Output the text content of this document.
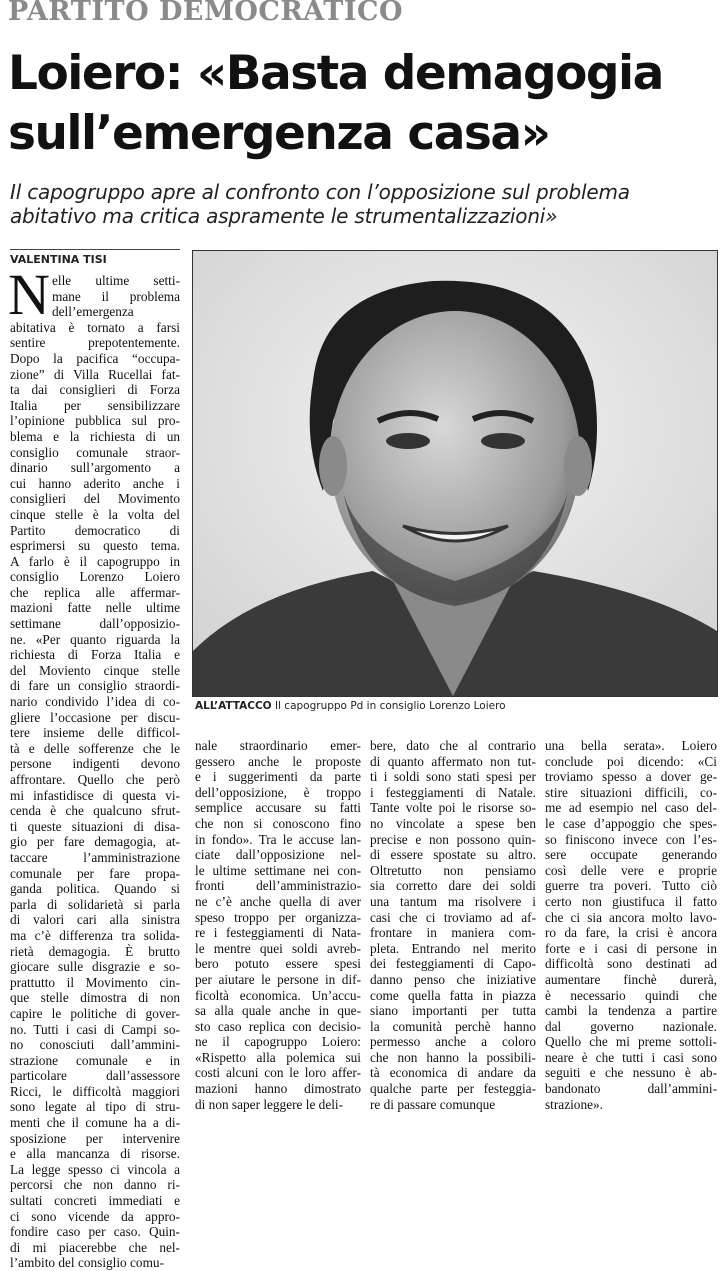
PARTITO DEMOCRATICO
Loiero: «Basta demagogia
sull’emergenza casa»
Il capogruppo apre al confronto con l’opposizione sul problema
abitativo ma critica aspramente le strumentalizzazioni»
VALENTINA TISI
N elle ultime setti-
mane il problema
dell’emergenza
abitativa è tornato a farsi
sentire prepotentemente.
Dopo la pacifica “occupa-
zione” di Villa Rucellai fat-
ta dai consiglieri di Forza
Italia per sensibilizzare
l’opinione pubblica sul pro-
blema e la richiesta di un
consiglio comunale straor-
dinario sull’argomento a
cui hanno aderito anche i
consiglieri del Movimento
cinque stelle è la volta del
Partito democratico di
esprimersi su questo tema.
A farlo è il capogruppo in
consiglio Lorenzo Loiero
che replica alle affermar-
mazioni fatte nelle ultime
settimane dall’opposizio-
ne. «Per quanto riguarda la
richiesta di Forza Italia e
del Moviento cinque stelle
di fare un consiglio straordi-
nario condivido l’idea di co-
gliere l’occasione per discu-
tere insieme delle difficol-
tà e delle sofferenze che le
persone indigenti devono
affrontare. Quello che però
mi infastidisce di questa vi-
cenda è che qualcuno sfrut-
ti queste situazioni di disa-
gio per fare demagogia, at-
taccare l’amministrazione
comunale per fare propa-
ganda politica. Quando si
parla di solidarietà si parla
di valori cari alla sinistra
ma c’è differenza tra solida-
rietà demagogia. È brutto
giocare sulle disgrazie e so-
prattutto il Movimento cin-
que stelle dimostra di non
capire le politiche di gover-
no. Tutti i casi di Campi so-
no conosciuti dall’ammini-
strazione comunale e in
particolare dall’assessore
Ricci, le difficoltà maggiori
sono legate al tipo di stru-
menti che il comune ha a di-
sposizione per intervenire
e alla mancanza di risorse.
La legge spesso ci vincola a
percorsi che non danno ri-
sultati concreti immediati e
ci sono vicende da appro-
fondire caso per caso. Quin-
di mi piacerebbe che nel-
l’ambito del consiglio comu-
nale straordinario emer-
gessero anche le proposte
e i suggerimenti da parte
dell’opposizione, è troppo
semplice accusare su fatti
che non si conoscono fino
in fondo». Tra le accuse lan-
ciate dall’opposizione nel-
le ultime settimane nei con-
fronti dell’amministrazio-
ne c’è anche quella di aver
speso troppo per organizza-
re i festeggiamenti di Nata-
le mentre quei soldi avreb-
bero potuto essere spesi
per aiutare le persone in dif-
ficoltà economica. Un’accu-
sa alla quale anche in que-
sto caso replica con decisio-
ne il capogruppo Loiero:
«Rispetto alla polemica sui
costi alcuni con le loro affer-
mazioni hanno dimostrato
di non saper leggere le deli-
bere, dato che al contrario
di quanto affermato non tut-
ti i soldi sono stati spesi per
i festeggiamenti di Natale.
Tante volte poi le risorse so-
no vincolate a spese ben
precise e non possono quin-
di essere spostate su altro.
Oltretutto non pensiamo
sia corretto dare dei soldi
una tantum ma risolvere i
casi che ci troviamo ad af-
frontare in maniera com-
pleta. Entrando nel merito
dei festeggiamenti di Capo-
danno penso che iniziative
come quella fatta in piazza
siano importanti per tutta
la comunità perchè hanno
permesso anche a coloro
che non hanno la possibili-
tà economica di andare da
qualche parte per festeggia-
re di passare comunque
una bella serata». Loiero
conclude poi dicendo: «Ci
troviamo spesso a dover ge-
stire situazioni difficili, co-
me ad esempio nel caso del-
le case d’appoggio che spes-
so finiscono invece con l’es-
sere occupate generando
così delle vere e proprie
guerre tra poveri. Tutto ciò
certo non giustifuca il fatto
che ci sia ancora molto lavo-
ro da fare, la crisi è ancora
forte e i casi di persone in
difficoltà sono destinati ad
aumentare finchè durerà,
è necessario quindi che
cambi la tendenza a partire
dal governo nazionale.
Quello che mi preme sottoli-
neare è che tutti i casi sono
seguiti e che nessuno è ab-
bandonato dall’ammini-
strazione».
ALL’ATTACCO Il capogruppo Pd in consiglio Lorenzo Loiero
